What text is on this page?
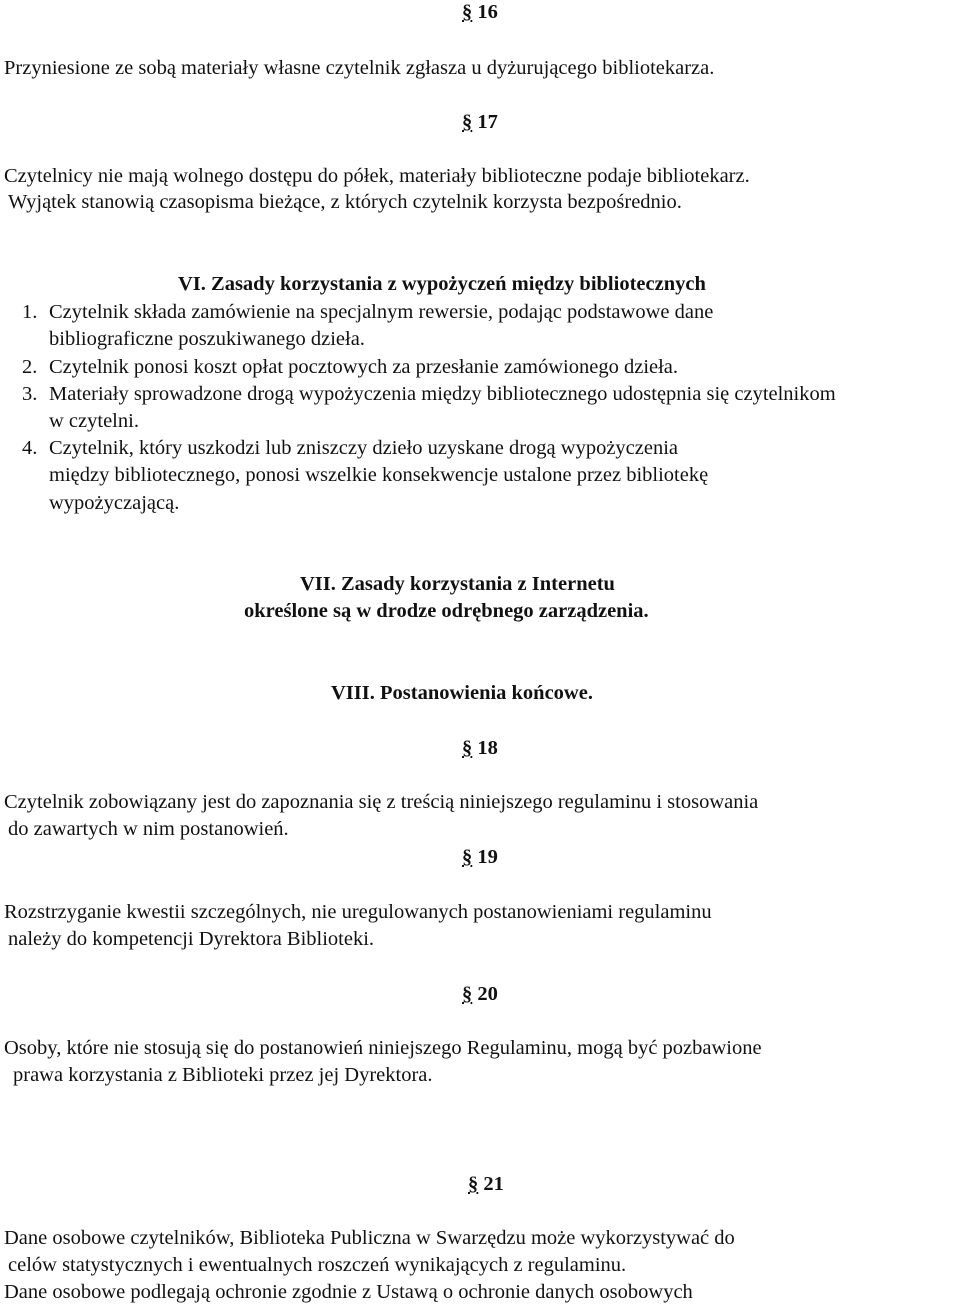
§ 16
Przyniesione ze sobą materiały własne czytelnik zgłasza u dyżurującego bibliotekarza.
§ 17
Czytelnicy nie mają wolnego dostępu do półek, materiały biblioteczne podaje bibliotekarz.
Wyjątek stanowią czasopisma bieżące, z których czytelnik korzysta bezpośrednio.
VI. Zasady korzystania z wypożyczeń między bibliotecznych
1. Czytelnik składa zamówienie na specjalnym rewersie, podając podstawowe dane
bibliograficzne poszukiwanego dzieła.
2. Czytelnik ponosi koszt opłat pocztowych za przesłanie zamówionego dzieła.
3. Materiały sprowadzone drogą wypożyczenia między bibliotecznego udostępnia się czytelnikom
w czytelni.
4. Czytelnik, który uszkodzi lub zniszczy dzieło uzyskane drogą wypożyczenia
między bibliotecznego, ponosi wszelkie konsekwencje ustalone przez bibliotekę
wypożyczającą.
VII. Zasady korzystania z Internetu
określone są w drodze odrębnego zarządzenia.
VIII. Postanowienia końcowe.
§ 18
Czytelnik zobowiązany jest do zapoznania się z treścią niniejszego regulaminu i stosowania
do zawartych w nim postanowień.
§ 19
Rozstrzyganie kwestii szczególnych, nie uregulowanych postanowieniami regulaminu
należy do kompetencji Dyrektora Biblioteki.
§ 20
Osoby, które nie stosują się do postanowień niniejszego Regulaminu, mogą być pozbawione
prawa korzystania z Biblioteki przez jej Dyrektora.
§ 21
Dane osobowe czytelników, Biblioteka Publiczna w Swarzędzu może wykorzystywać do
celów statystycznych i ewentualnych roszczeń wynikających z regulaminu.
Dane osobowe podlegają ochronie zgodnie z Ustawą o ochronie danych osobowych
